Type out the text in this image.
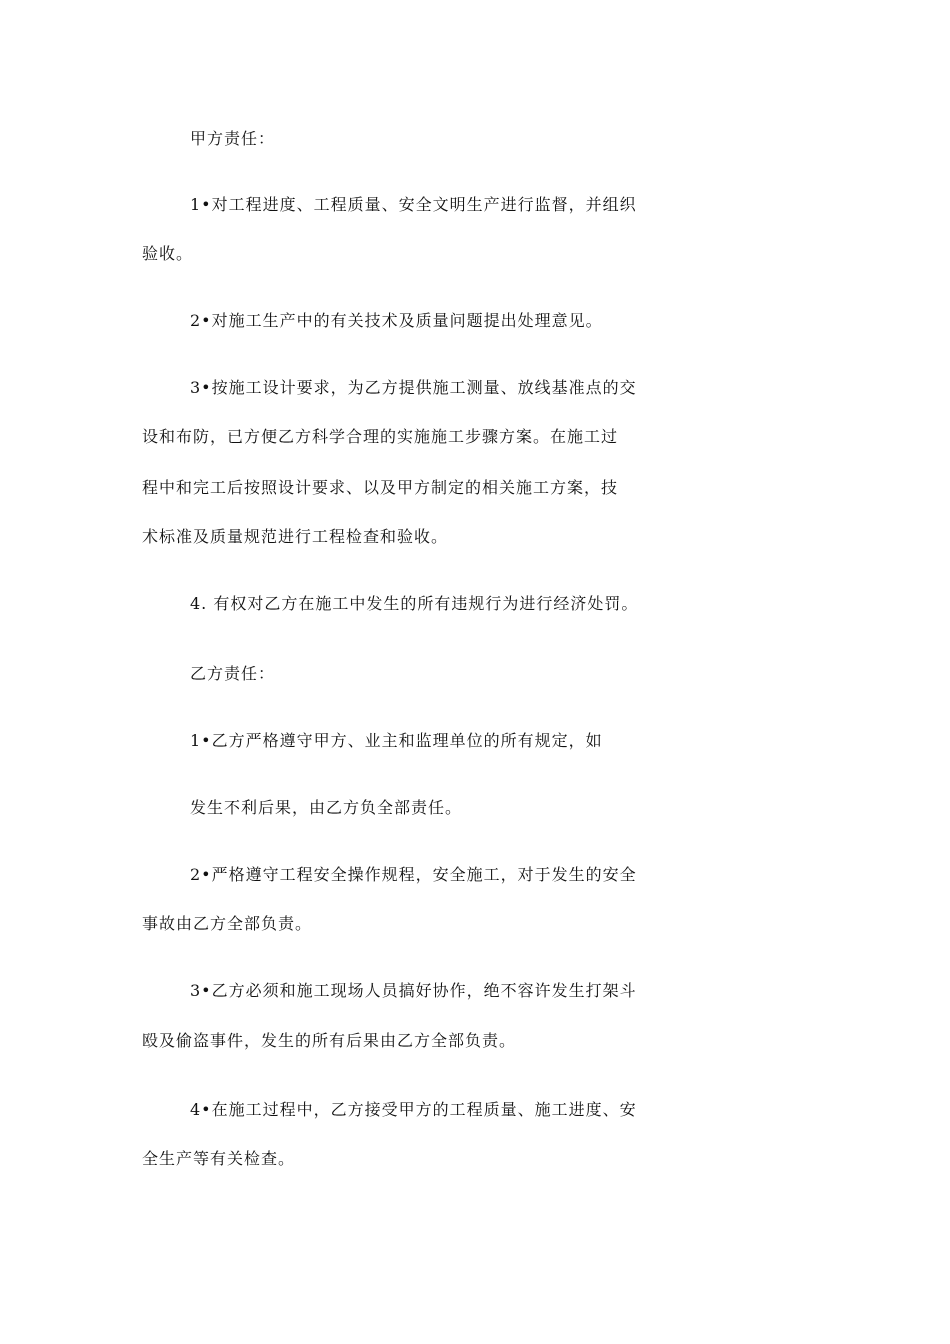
甲方责任：
1•对工程进度、工程质量、安全文明生产进行监督，并组织
验收。
2•对施工生产中的有关技术及质量问题提出处理意见。
3•按施工设计要求，为乙方提供施工测量、放线基准点的交
设和布防，已方便乙方科学合理的实施施工步骤方案。在施工过
程中和完工后按照设计要求、以及甲方制定的相关施工方案，技
术标准及质量规范进行工程检查和验收。
4. 有权对乙方在施工中发生的所有违规行为进行经济处罚。
乙方责任：
1•乙方严格遵守甲方、业主和监理单位的所有规定，如
发生不利后果，由乙方负全部责任。
2•严格遵守工程安全操作规程，安全施工，对于发生的安全
事故由乙方全部负责。
3•乙方必须和施工现场人员搞好协作，绝不容许发生打架斗
殴及偷盗事件，发生的所有后果由乙方全部负责。
4•在施工过程中，乙方接受甲方的工程质量、施工进度、安
全生产等有关检查。
